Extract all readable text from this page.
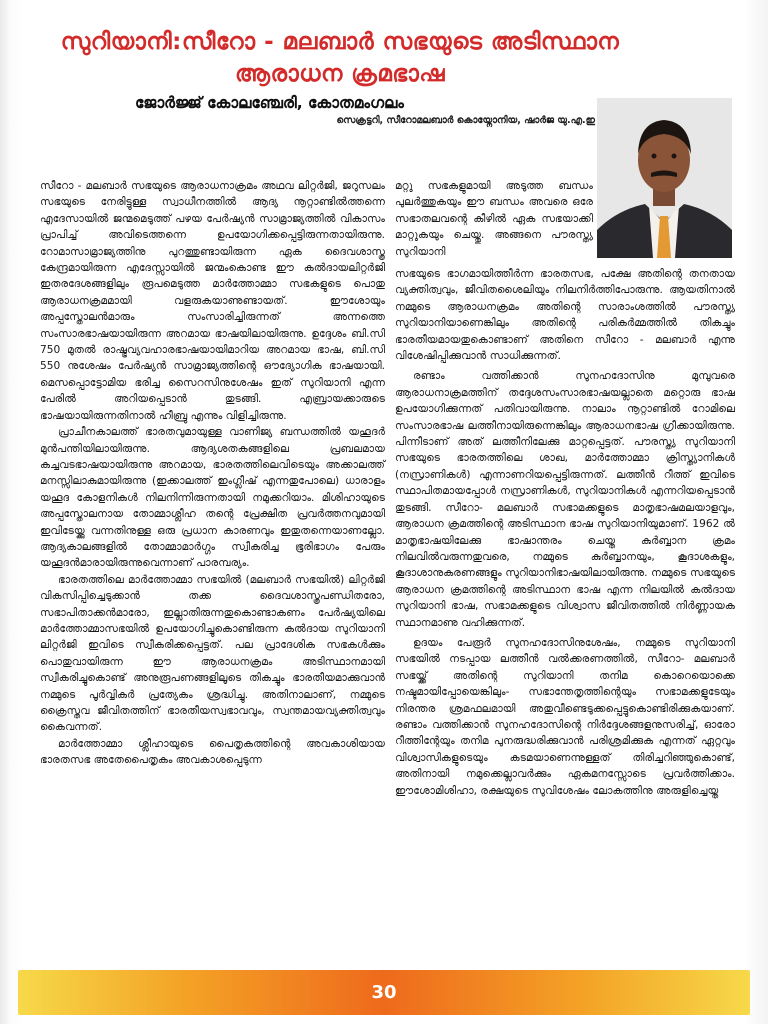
സുറിയാനി:സീറോ - മലബാർ സഭയുടെ അടിസ്ഥാന ആരാധന ക്രമഭാഷ
ജോർജ്ജ് കോലഞ്ചേരി, കോതമംഗലം
സെക്രട്ടറി, സീറോമലബാർ കൊയ്നോനിയ, ഷാർജ യു.എ.ഇ

സീറോ - മലബാർ സഭയുടെ ആരാധനാക്രമം അഥവ ലിറ്റർജി, ജറുസലം സഭയുടെ നേരിട്ടുള്ള സ്വാധീനത്തിൽ ആദ്യ നൂറ്റാണ്ടിൽത്തന്നെ എദേസായിൽ ജന്മമെടുത്ത് പഴയ പേർഷ്യൻ സാമ്രാജ്യത്തിൽ വികാസം പ്രാപിച്ച് അവിടെത്തന്നെ ഉപയോഗിക്കപ്പെട്ടിരുന്നതായിരുന്നു. റോമാസാമ്രാജ്യത്തിനു പുറത്തുണ്ടായിരുന്ന ഏക ദൈവശാസ്ത്ര കേന്ദ്രമായിരുന്ന എദേസ്സായിൽ ജന്മംകൊണ്ട ഈ കൽദായലിറ്റർജി ഇതരദേശങ്ങളിലും രൂപമെടുത്ത മാർത്തോമ്മാ സഭകളുടെ പൊതു ആരാധനക്രമമായി വളരുകയാണുണ്ടായത്. ഈശോയും അപ്പസ്തോലൻമാരും സംസാരിച്ചിരുന്നത് അന്നത്തെ സംസാരഭാഷയായിരുന്ന അറമായ ഭാഷയിലായിരുന്നു. ഉദ്ദേശം ബി.സി 750 മുതൽ രാഷ്ട്രവ്യവഹാരഭാഷയായിമാറിയ അറമായ ഭാഷ, ബി.സി 550 നുശേഷം പേർഷ്യൻ സാമ്രാജ്യത്തിന്റെ ഔദ്യോഗിക ഭാഷയായി. മെസപ്പൊട്ടോമിയ ഭരിച്ച സൈറസിനുശേഷം ഇത് സുറിയാനി എന്ന പേരിൽ അറിയപ്പെടാൻ തുടങ്ങി. എബ്രായക്കാരുടെ ഭാഷയായിരുന്നതിനാൽ ഹീബ്രു എന്നും വിളിച്ചിരുന്നു.

പ്രാചീനകാലത്ത് ഭാരതവുമായുള്ള വാണിജ്യ ബന്ധത്തിൽ യഹൂദർ മുൻപന്തിയിലായിരുന്നു. ആദ്യശതകങ്ങളിലെ പ്രബലമായ കച്ചവടഭാഷയായിരുന്നു അറമായ, ഭാരതത്തിലെവിടെയും അക്കാലത്ത് മനസ്സിലാകുമായിരുന്നു (ഇക്കാലത്ത് ഇംഗ്ലീഷ് എന്നതുപോലെ) ധാരാളം യഹൂദ കോളനികൾ നിലനിന്നിരുന്നതായി നമുക്കറിയാം. മിശിഹായുടെ അപ്പസ്തോലനായ തോമ്മാശ്ലീഹ തന്റെ പ്രേക്ഷിത പ്രവർത്തനവുമായി ഇവിടേയ്ക്കു വന്നതിനുള്ള ഒരു പ്രധാന കാരണവും ഇതുതന്നെയാണല്ലോ. ആദ്യകാലങ്ങളിൽ തോമ്മാമാർഗ്ഗം സ്വീകരിച്ച ഭൂരിഭാഗം പേരും യഹൂദൻമാരായിരുന്നുവെന്നാണ് പാരമ്പര്യം.

ഭാരതത്തിലെ മാർത്തോമ്മാ സഭയിൽ (മലബാർ സഭയിൽ) ലിറ്റർജി വികസിപ്പിച്ചെടുക്കാൻ തക്ക ദൈവശാസ്ത്രപണ്ഡിതരോ, സഭാപിതാക്കൻമാരോ, ഇല്ലാതിരുന്നതുകൊണ്ടാകണം പേർഷ്യയിലെ മാർത്തോമ്മാസഭയിൽ ഉപയോഗിച്ചുകൊണ്ടിരുന്ന കൽദായ സുറിയാനി ലിറ്റർജി ഇവിടെ സ്വീകരിക്കപ്പെട്ടത്. പല പ്രാദേശിക സഭകൾക്കും പൊതുവായിരുന്ന ഈ ആരാധനക്രമം അടിസ്ഥാനമായി സ്വീകരിച്ചുകൊണ്ട് അനുരൂപണങ്ങളിലൂടെ തികച്ചും ഭാരതീയമാക്കുവാൻ നമ്മുടെ പൂർവ്വികർ പ്രത്യേകം ശ്രദ്ധിച്ചു. അതിനാലാണ്, നമ്മുടെ ക്രൈസ്തവ ജീവിതത്തിന് ഭാരതീയസ്വഭാവവും, സ്വന്തമായവ്യക്തിത്വവും കൈവന്നത്.

മാർത്തോമ്മാ ശ്ലീഹായുടെ പൈതൃകത്തിന്റെ അവകാശിയായ ഭാരതസഭ അതേപൈതൃകം അവകാശപ്പെടുന്ന

മറ്റു സഭകളുമായി അടുത്ത ബന്ധം പുലർത്തുകയും ഈ ബന്ധം അവരെ ഒരേ സഭാതലവന്റെ കീഴിൽ ഏക സഭയാക്കി മാറ്റുകയും ചെയ്തു. അങ്ങനെ പൗരസ്ത്യ സുറിയാനി

സഭയുടെ ഭാഗമായിത്തീർന്ന ഭാരതസഭ, പക്ഷേ അതിന്റെ തനതായ വ്യക്തിത്വവും, ജീവിതശൈലിയും നിലനിർത്തിപോരുന്നു. ആയതിനാൽ നമ്മുടെ ആരാധനക്രമം അതിന്റെ സാരാംശത്തിൽ പൗരസ്ത്യ സുറിയാനിയാണെങ്കിലും അതിന്റെ പരികർമ്മത്തിൽ തികച്ചും ഭാരതീയമായതുകൊണ്ടാണ് അതിനെ സീറോ - മലബാർ എന്നു വിശേഷിപ്പിക്കുവാൻ സാധിക്കുന്നത്.

രണ്ടാം വത്തിക്കാൻ സുനഹദോസിനു മുമ്പുവരെ ആരാധനാക്രമത്തിന് തദ്ദേശസംസാരഭാഷയല്ലാതെ മറ്റൊരു ഭാഷ ഉപയോഗിക്കുന്നത് പതിവായിരുന്നു. നാലാം നൂറ്റാണ്ടിൽ റോമിലെ സംസാരഭാഷ ലത്തീനായിരുന്നെങ്കിലും ആരാധനഭാഷ ഗ്രീക്കായിരുന്നു. പിന്നീടാണ് അത് ലത്തീനിലേക്കു മാറ്റപ്പെട്ടത്. പൗരസ്ത്യ സുറിയാനി സഭയുടെ ഭാരതത്തിലെ ശാഖ, മാർത്തോമ്മാ ക്രിസ്ത്യാനികൾ (നസ്രാണികൾ) എന്നാണറിയപ്പെട്ടിരുന്നത്. ലത്തീൻ റീത്ത് ഇവിടെ സ്ഥാപിതമായപ്പോൾ നസ്രാണികൾ, സുറിയാനികൾ എന്നറിയപ്പെടാൻ തുടങ്ങി. സീറോ- മലബാർ സഭാമക്കളുടെ മാതൃഭാഷമലയാളവും, ആരാധന ക്രമത്തിന്റെ അടിസ്ഥാന ഭാഷ സുറിയാനിയുമാണ്. 1962 ൽ മാതൃഭാഷയിലേക്കു ഭാഷാന്തരം ചെയ്ത കുർബ്ബാന ക്രമം നിലവിൽവരുന്നതുവരെ, നമ്മുടെ കുർബ്ബാനയും, കൂദാശകളും, കൂദാശാനുകരണങ്ങളും സുറിയാനിഭാഷയിലായിരുന്നു. നമ്മുടെ സഭയുടെ ആരാധന ക്രമത്തിന്റെ അടിസ്ഥാന ഭാഷ എന്ന നിലയിൽ കൽദായ സുറിയാനി ഭാഷ, സഭാമക്കളുടെ വിശ്വാസ ജീവിതത്തിൽ നിർണ്ണായക സ്ഥാനമാണു വഹിക്കുന്നത്.

ഉദയം പേരൂർ സുനഹദോസിനുശേഷം, നമ്മുടെ സുറിയാനി സഭയിൽ നടപ്പായ ലത്തീൻ വൽക്കരണത്തിൽ, സീറോ- മലബാർ സഭയ്ക്ക് അതിന്റെ സുറിയാനി തനിമ കൊറെയൊക്കെ നഷ്ടമായിപ്പോയെങ്കിലും- സഭാന്തേതൃത്തിന്റെയും സഭാമക്കളുടേയും നിരന്തര ശ്രമഫലമായി അതുവീണ്ടെടുക്കപ്പെട്ടുകൊണ്ടിരിക്കുകയാണ്. രണ്ടാം വത്തിക്കാൻ സുനഹദോസിന്റെ നിർദ്ദേശങ്ങളനുസരിച്ച്, ഓരോ റീത്തിന്റേയും തനിമ പുനരുദ്ധരിക്കുവാൻ പരിശ്രമിക്കുക എന്നത് ഏറ്റവും വിശ്വാസികളുടെയും കടമയാണെന്നുള്ളത് തിരിച്ചറിഞ്ഞുകൊണ്ട്, അതിനായി നമുക്കെല്ലാവർക്കും ഏകമനസ്സോടെ പ്രവർത്തിക്കാം. ഈശോമിശിഹാ, രക്ഷയുടെ സുവിശേഷം ലോകത്തിനു അരുളിച്ചെയ്ത

30
